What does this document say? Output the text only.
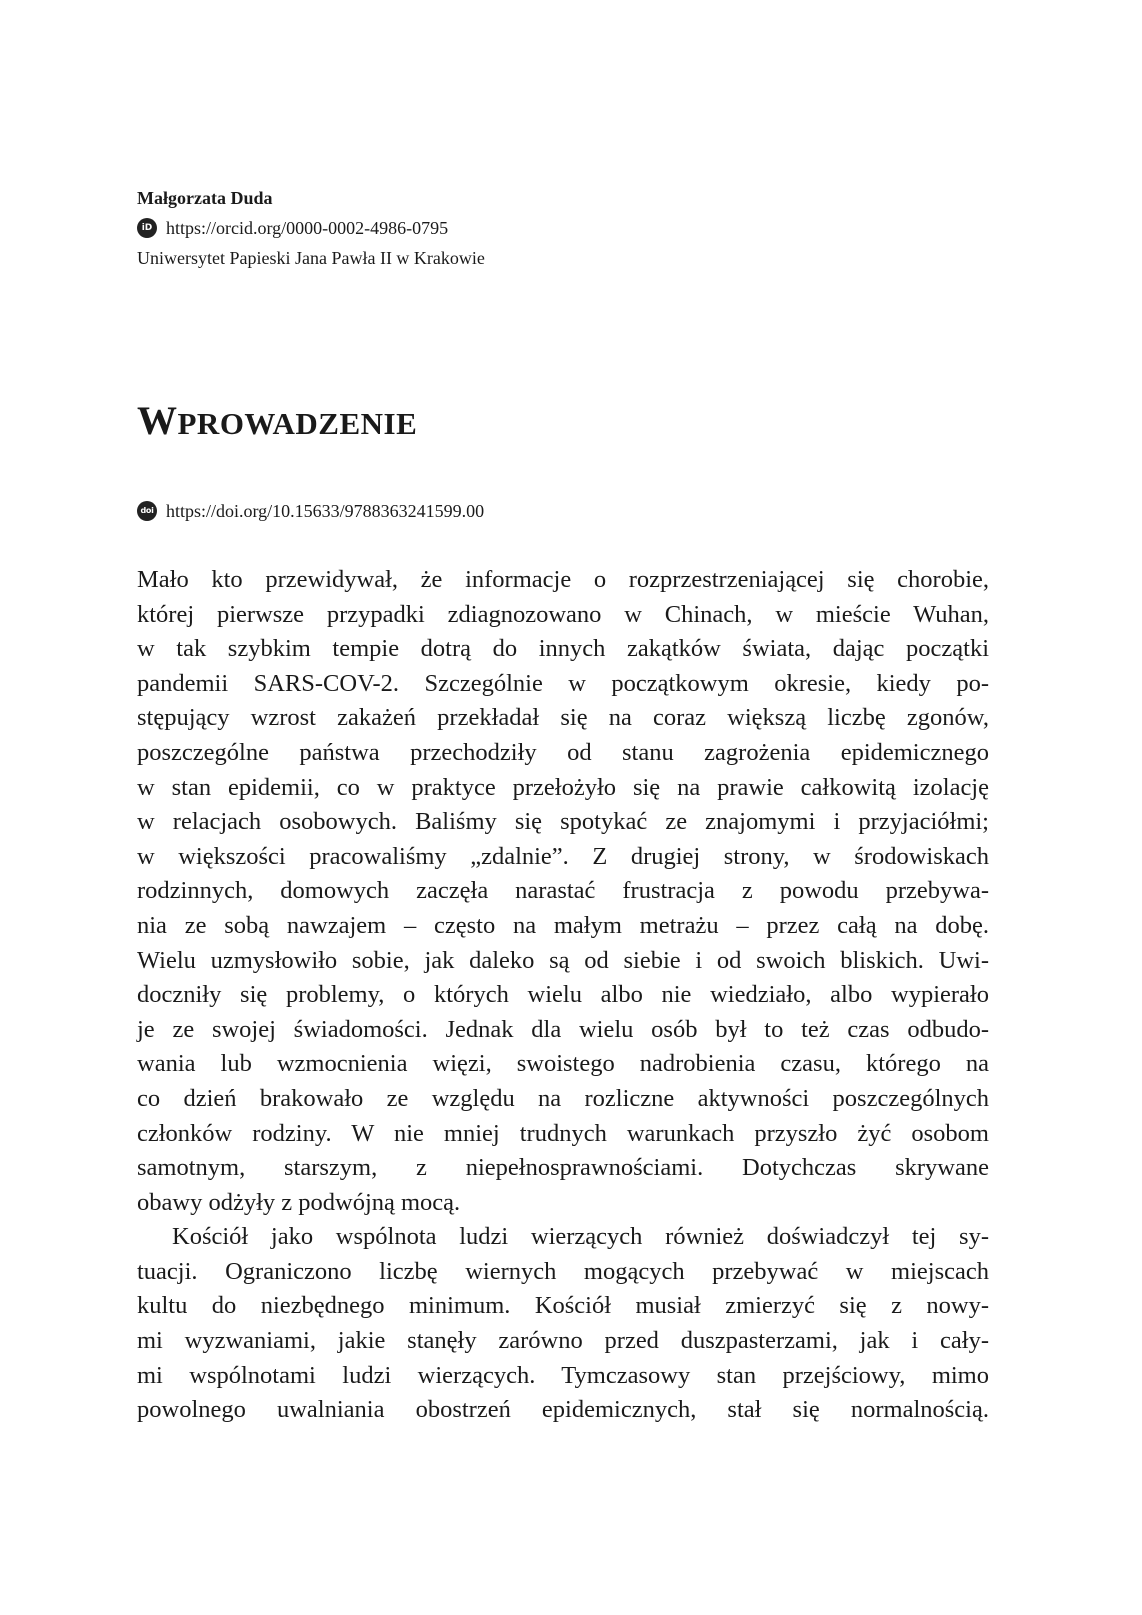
Małgorzata Duda
iD https://orcid.org/0000-0002-4986-0795
Uniwersytet Papieski Jana Pawła II w Krakowie
WPROWADZENIE
doi https://doi.org/10.15633/9788363241599.00
Mało kto przewidywał, że informacje o rozprzestrzeniającej się chorobie,
której pierwsze przypadki zdiagnozowano w Chinach, w mieście Wuhan,
w tak szybkim tempie dotrą do innych zakątków świata, dając początki
pandemii SARS-COV-2. Szczególnie w początkowym okresie, kiedy po-
stępujący wzrost zakażeń przekładał się na coraz większą liczbę zgonów,
poszczególne państwa przechodziły od stanu zagrożenia epidemicznego
w stan epidemii, co w praktyce przełożyło się na prawie całkowitą izolację
w relacjach osobowych. Baliśmy się spotykać ze znajomymi i przyjaciółmi;
w większości pracowaliśmy „zdalnie”. Z drugiej strony, w środowiskach
rodzinnych, domowych zaczęła narastać frustracja z powodu przebywa-
nia ze sobą nawzajem – często na małym metrażu – przez całą na dobę.
Wielu uzmysłowiło sobie, jak daleko są od siebie i od swoich bliskich. Uwi-
doczniły się problemy, o których wielu albo nie wiedziało, albo wypierało
je ze swojej świadomości. Jednak dla wielu osób był to też czas odbudo-
wania lub wzmocnienia więzi, swoistego nadrobienia czasu, którego na
co dzień brakowało ze względu na rozliczne aktywności poszczególnych
członków rodziny. W nie mniej trudnych warunkach przyszło żyć osobom
samotnym, starszym, z niepełnosprawnościami. Dotychczas skrywane
obawy odżyły z podwójną mocą.
Kościół jako wspólnota ludzi wierzących również doświadczył tej sy-
tuacji. Ograniczono liczbę wiernych mogących przebywać w miejscach
kultu do niezbędnego minimum. Kościół musiał zmierzyć się z nowy-
mi wyzwaniami, jakie stanęły zarówno przed duszpasterzami, jak i cały-
mi wspólnotami ludzi wierzących. Tymczasowy stan przejściowy, mimo
powolnego uwalniania obostrzeń epidemicznych, stał się normalnością.
